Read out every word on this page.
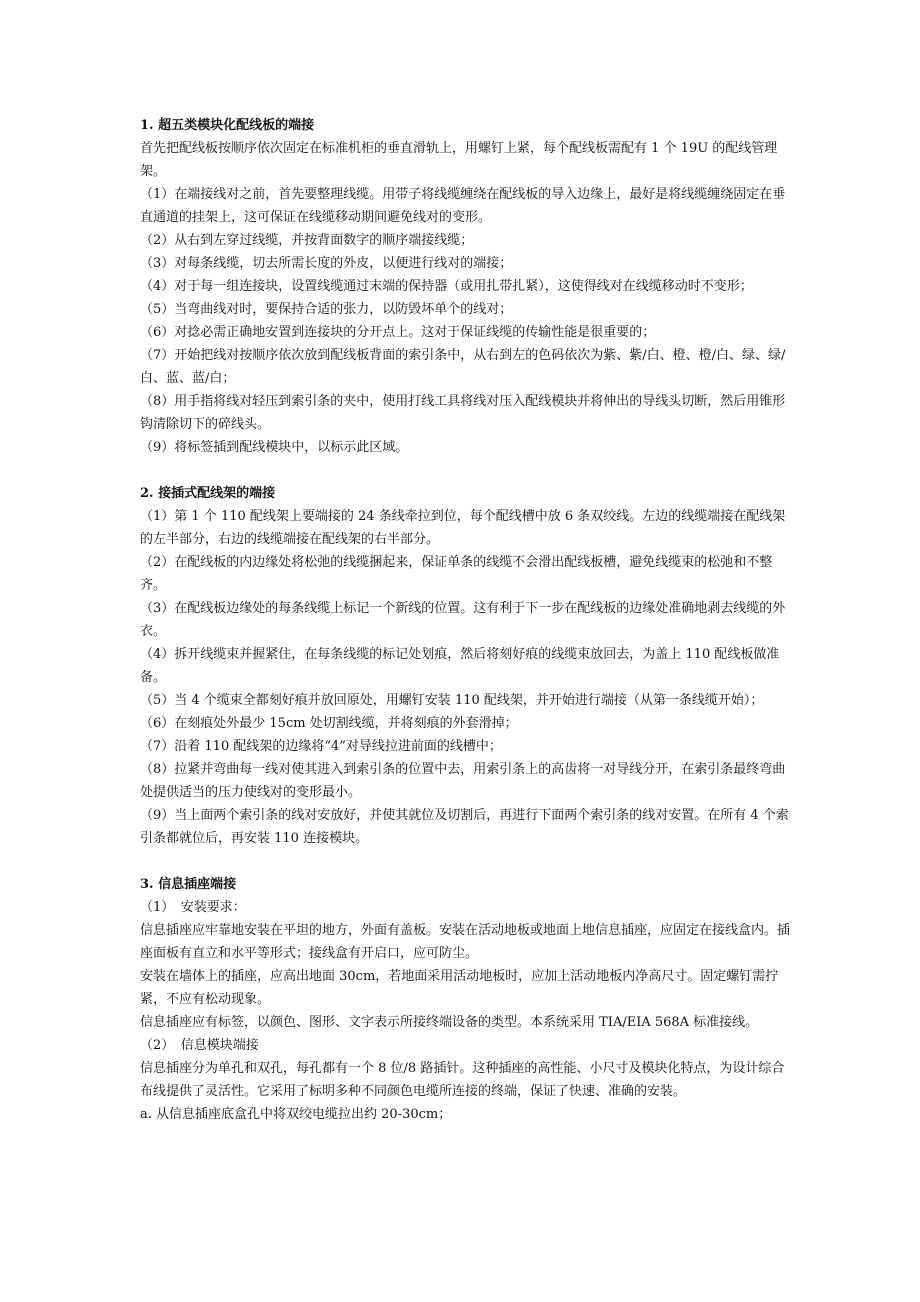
1. 超五类模块化配线板的端接

首先把配线板按顺序依次固定在标准机柜的垂直滑轨上，用螺钉上紧，每个配线板需配有 1 个 19U 的配线管理架。

（1）在端接线对之前，首先要整理线缆。用带子将线缆缠绕在配线板的导入边缘上，最好是将线缆缠绕固定在垂直通道的挂架上，这可保证在线缆移动期间避免线对的变形。

（2）从右到左穿过线缆，并按背面数字的顺序端接线缆；

（3）对每条线缆，切去所需长度的外皮，以便进行线对的端接；

（4）对于每一组连接块，设置线缆通过末端的保持器（或用扎带扎紧），这使得线对在线缆移动时不变形；

（5）当弯曲线对时，要保持合适的张力，以防毁坏单个的线对；

（6）对捻必需正确地安置到连接块的分开点上。这对于保证线缆的传输性能是很重要的；

（7）开始把线对按顺序依次放到配线板背面的索引条中，从右到左的色码依次为紫、紫/白、橙、橙/白、绿、绿/白、蓝、蓝/白；

（8）用手指将线对轻压到索引条的夹中，使用打线工具将线对压入配线模块并将伸出的导线头切断，然后用锥形钩清除切下的碎线头。

（9）将标签插到配线模块中，以标示此区域。

2. 接插式配线架的端接

（1）第 1 个 110 配线架上要端接的 24 条线牵拉到位，每个配线槽中放 6 条双绞线。左边的线缆端接在配线架的左半部分，右边的线缆端接在配线架的右半部分。

（2）在配线板的内边缘处将松弛的线缆捆起来，保证单条的线缆不会滑出配线板槽，避免线缆束的松弛和不整齐。

（3）在配线板边缘处的每条线缆上标记一个新线的位置。这有利于下一步在配线板的边缘处准确地剥去线缆的外衣。

（4）拆开线缆束并握紧住，在每条线缆的标记处划痕，然后将刻好痕的线缆束放回去，为盖上 110 配线板做准备。

（5）当 4 个缆束全都刻好痕并放回原处，用螺钉安装 110 配线架，并开始进行端接（从第一条线缆开始）；

（6）在刻痕处外最少 15cm 处切割线缆，并将刻痕的外套滑掉；

（7）沿着 110 配线架的边缘将“4”对导线拉进前面的线槽中；

（8）拉紧并弯曲每一线对使其进入到索引条的位置中去，用索引条上的高齿将一对导线分开，在索引条最终弯曲处提供适当的压力使线对的变形最小。

（9）当上面两个索引条的线对安放好，并使其就位及切割后，再进行下面两个索引条的线对安置。在所有 4 个索引条都就位后，再安装 110 连接模块。

3. 信息插座端接

（1）　安装要求：

信息插座应牢靠地安装在平坦的地方，外面有盖板。安装在活动地板或地面上地信息插座，应固定在接线盒内。插座面板有直立和水平等形式；接线盒有开启口，应可防尘。

安装在墙体上的插座，应高出地面 30cm，若地面采用活动地板时，应加上活动地板内净高尺寸。固定螺钉需拧紧，不应有松动现象。

信息插座应有标签，以颜色、图形、文字表示所接终端设备的类型。本系统采用 TIA/EIA 568A 标准接线。

（2）　信息模块端接

信息插座分为单孔和双孔，每孔都有一个 8 位/8 路插针。这种插座的高性能、小尺寸及模块化特点，为设计综合布线提供了灵活性。它采用了标明多种不同颜色电缆所连接的终端，保证了快速、准确的安装。

a. 从信息插座底盒孔中将双绞电缆拉出约 20-30cm；
